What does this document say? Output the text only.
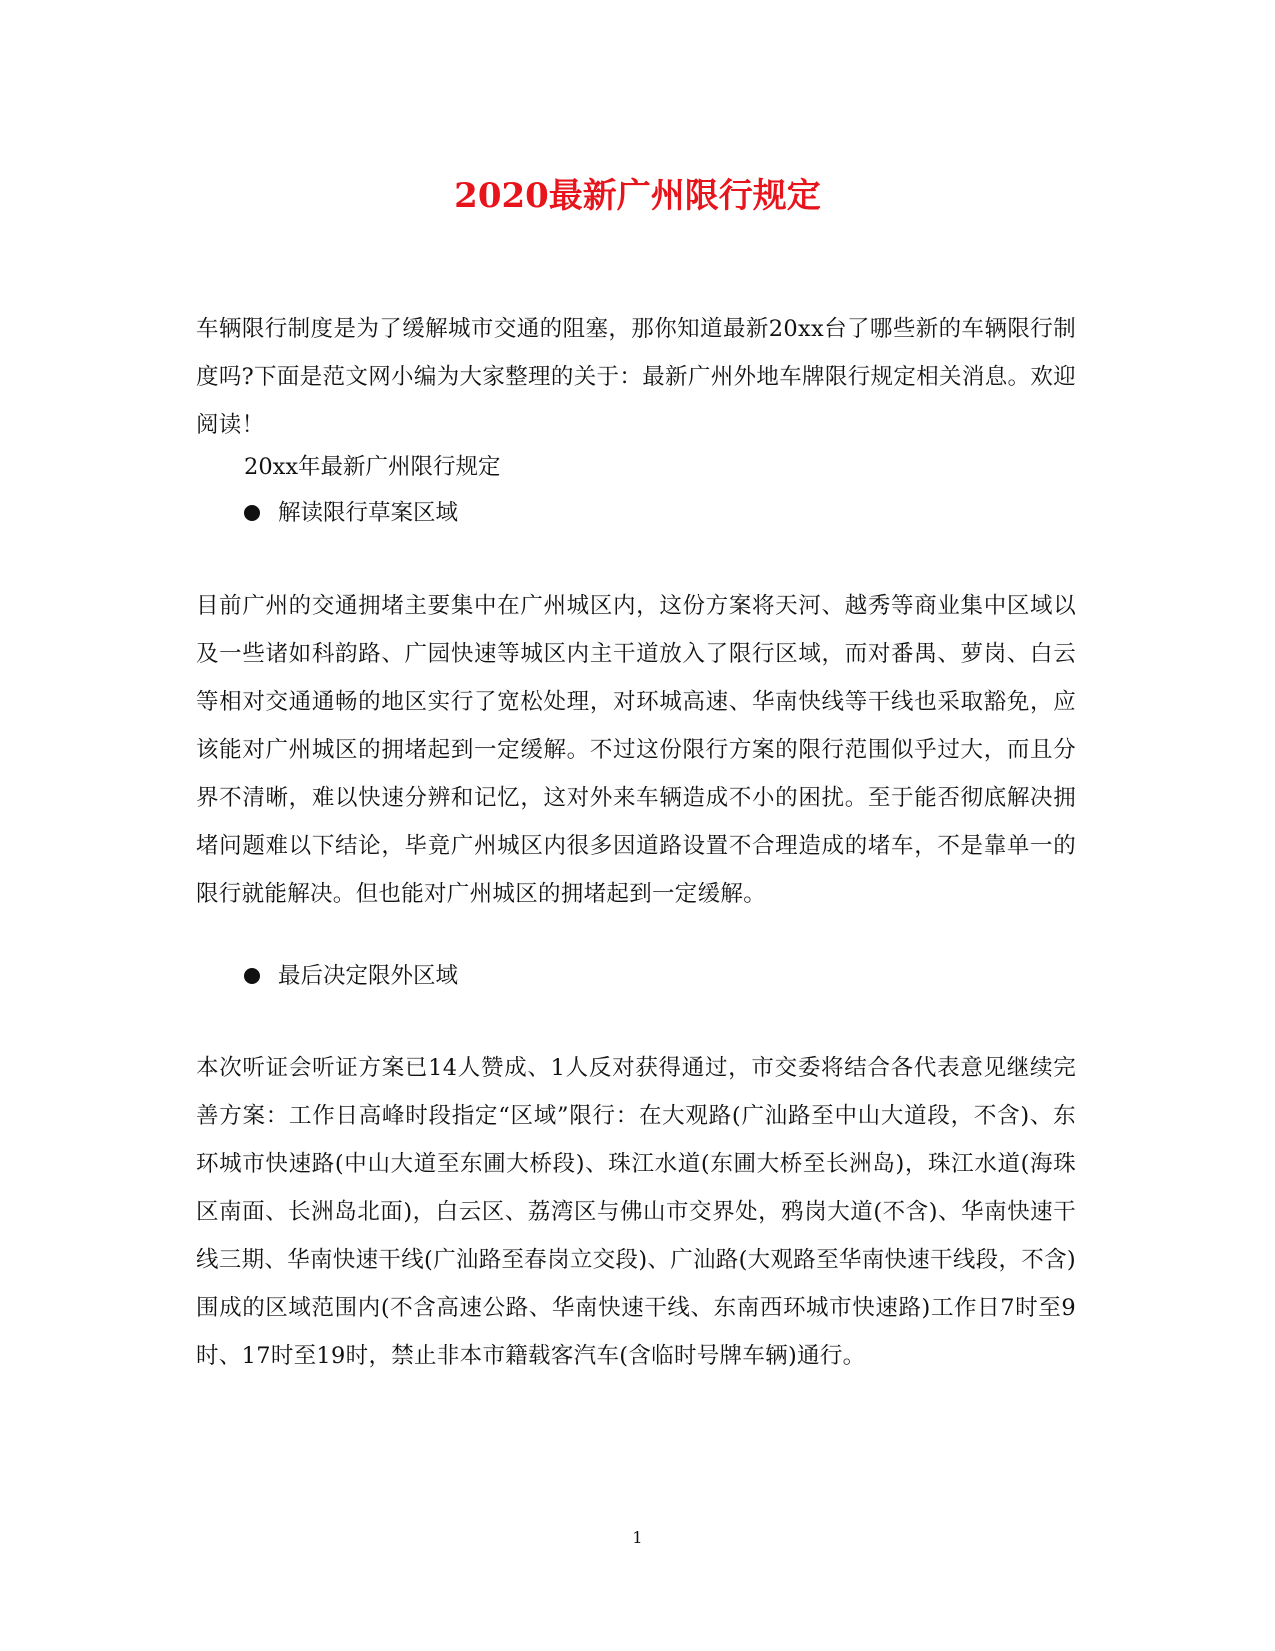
2020最新广州限行规定

车辆限行制度是为了缓解城市交通的阻塞，那你知道最新20xx台了哪些新的车辆限行制度吗?下面是范文网小编为大家整理的关于：最新广州外地车牌限行规定相关消息。欢迎阅读！

20xx年最新广州限行规定
解读限行草案区域

目前广州的交通拥堵主要集中在广州城区内，这份方案将天河、越秀等商业集中区域以及一些诸如科韵路、广园快速等城区内主干道放入了限行区域，而对番禺、萝岗、白云等相对交通通畅的地区实行了宽松处理，对环城高速、华南快线等干线也采取豁免，应该能对广州城区的拥堵起到一定缓解。不过这份限行方案的限行范围似乎过大，而且分界不清晰，难以快速分辨和记忆，这对外来车辆造成不小的困扰。至于能否彻底解决拥堵问题难以下结论，毕竟广州城区内很多因道路设置不合理造成的堵车，不是靠单一的限行就能解决。但也能对广州城区的拥堵起到一定缓解。

最后决定限外区域

本次听证会听证方案已14人赞成、1人反对获得通过，市交委将结合各代表意见继续完善方案：工作日高峰时段指定“区域”限行：在大观路(广汕路至中山大道段，不含)、东环城市快速路(中山大道至东圃大桥段)、珠江水道(东圃大桥至长洲岛)，珠江水道(海珠区南面、长洲岛北面)，白云区、荔湾区与佛山市交界处，鸦岗大道(不含)、华南快速干线三期、华南快速干线(广汕路至春岗立交段)、广汕路(大观路至华南快速干线段，不含)围成的区域范围内(不含高速公路、华南快速干线、东南西环城市快速路)工作日7时至9时、17时至19时，禁止非本市籍载客汽车(含临时号牌车辆)通行。

1
